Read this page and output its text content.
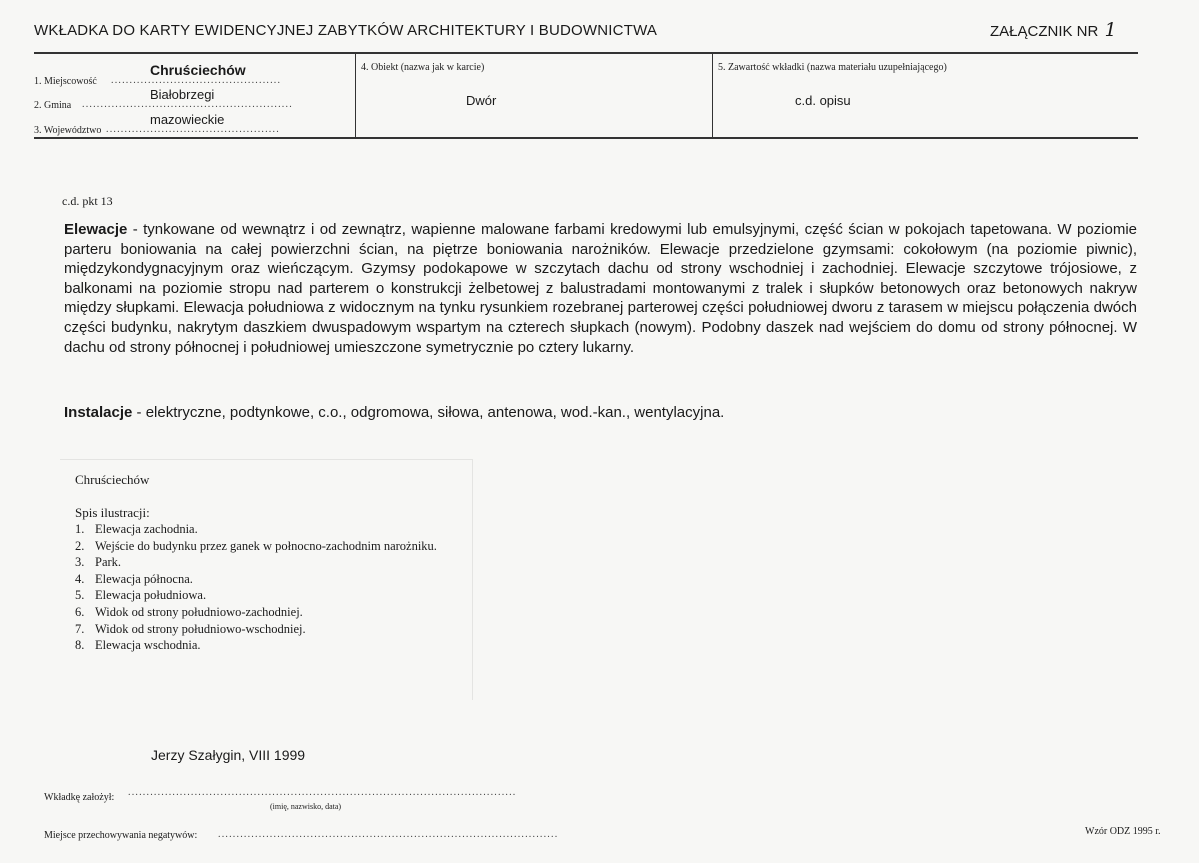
WKŁADKA DO KARTY EWIDENCYJNEJ ZABYTKÓW ARCHITEKTURY I BUDOWNICTWA	ZAŁĄCZNIK NR 1
Chruściechów
1. Miejscowość ..............................................
Białobrzegi
2. Gmina .........................................................
mazowieckie
3. Województwo ...............................................
4. Obiekt (nazwa jak w karcie)
Dwór
5. Zawartość wkładki (nazwa materiału uzupełniającego)
c.d. opisu
c.d. pkt 13
Elewacje - tynkowane od wewnątrz i od zewnątrz, wapienne malowane farbami kredowymi lub emulsyjnymi, część ścian w pokojach tapetowana. W poziomie parteru boniowania na całej powierzchni ścian, na piętrze boniowania narożników. Elewacje przedzielone gzymsami: cokołowym (na poziomie piwnic), międzykondygnacyjnym oraz wieńczącym. Gzymsy podokapowe w szczytach dachu od strony wschodniej i zachodniej. Elewacje szczytowe trójosiowe, z balkonami na poziomie stropu nad parterem o konstrukcji żelbetowej z balustradami montowanymi z tralek i słupków betonowych oraz betonowych nakryw między słupkami. Elewacja południowa z widocznym na tynku rysunkiem rozebranej parterowej części południowej dworu z tarasem w miejscu połączenia dwóch części budynku, nakrytym daszkiem dwuspadowym wspartym na czterech słupkach (nowym). Podobny daszek nad wejściem do domu od strony północnej. W dachu od strony północnej i południowej umieszczone symetrycznie po cztery lukarny.
Instalacje - elektryczne, podtynkowe, c.o., odgromowa, siłowa, antenowa, wod.-kan., wentylacyjna.
Chruściechów
Spis ilustracji:
1. Elewacja zachodnia.
2. Wejście do budynku przez ganek w połnocno-zachodnim narożniku.
3. Park.
4. Elewacja północna.
5. Elewacja południowa.
6. Widok od strony południowo-zachodniej.
7. Widok od strony południowo-wschodniej.
8. Elewacja wschodnia.
Jerzy Szałygin, VIII 1999
Wkładkę założył: .........................................................................................................
(imię, nazwisko, data)
Miejsce przechowywania negatywów: ............................................................................................	Wzór ODZ 1995 r.
